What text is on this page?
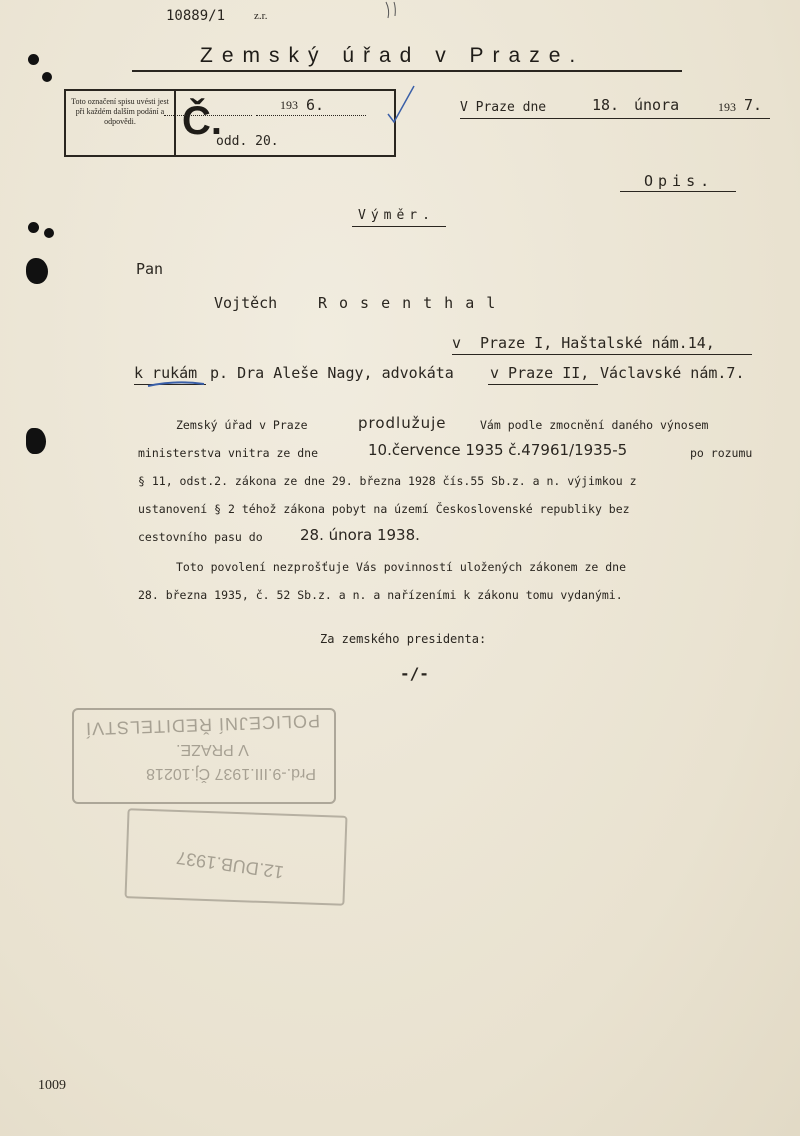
Zemský úřad v Praze.
Toto označení spisu uvésti jest při každém dalším podání a odpovědi.	Č.
10889/1	z.r.
193 6.
odd. 20.
V Praze dne	18. února	193 7.
Opis.
Výměr.
Pan
Vojtěch	Rosenthal
v Praze I, Haštalské nám.14,
k rukám p. Dra Aleše Nagy, advokáta v Praze II, Václavské nám.7.
Zemský úřad v Praze	prodlužuje	Vám podle zmocnění daného výnosem
ministerstva vnitra ze dne	10.července 1935 č.47961/1935-5	po rozumu
§ 11, odst.2. zákona ze dne 29. března 1928 čís.55 Sb.z. a n. výjimkou z
ustanovení § 2 téhož zákona pobyt na území Československé republiky bez
cestovního pasu do 28. února 1938.
Toto povolení nezprošťuje Vás povinností uložených zákonem ze dne
28. března 1935, č. 52 Sb.z. a n. a nařízeními k zákonu tomu vydanými.
Za zemského presidenta:
-/-
POLICEJNÍ ŘEDITELSTVÍ
V PRAZE.
Prd.-9.III.1937 Čj.10218
12.DUB.1937
1009
